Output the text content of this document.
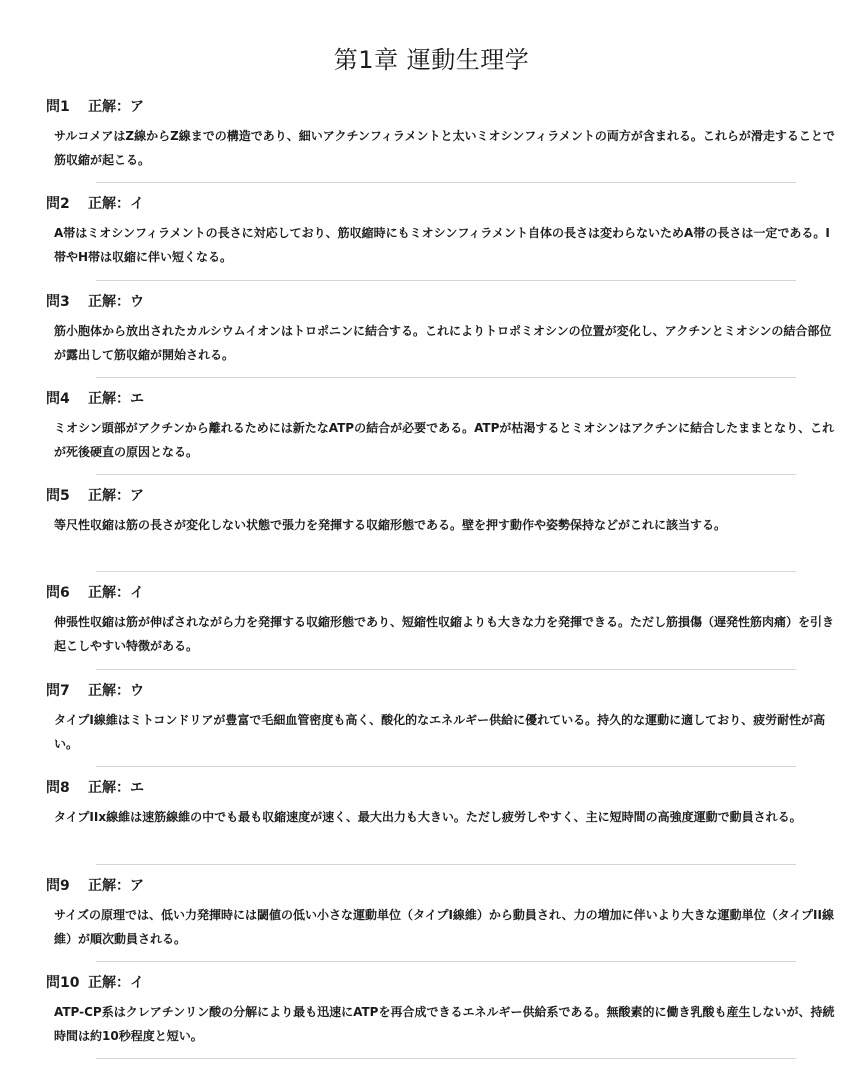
第1章 運動生理学

問1 正解：ア

サルコメアはZ線からZ線までの構造であり、細いアクチンフィラメントと太いミオシンフィラメントの両方が含まれる。これらが滑走することで筋収縮が起こる。

問2 正解：イ

A帯はミオシンフィラメントの長さに対応しており、筋収縮時にもミオシンフィラメント自体の長さは変わらないためA帯の長さは一定である。I帯やH帯は収縮に伴い短くなる。

問3 正解：ウ

筋小胞体から放出されたカルシウムイオンはトロポニンに結合する。これによりトロポミオシンの位置が変化し、アクチンとミオシンの結合部位が露出して筋収縮が開始される。

問4 正解：エ

ミオシン頭部がアクチンから離れるためには新たなATPの結合が必要である。ATPが枯渇するとミオシンはアクチンに結合したままとなり、これが死後硬直の原因となる。

問5 正解：ア

等尺性収縮は筋の長さが変化しない状態で張力を発揮する収縮形態である。壁を押す動作や姿勢保持などがこれに該当する。

問6 正解：イ

伸張性収縮は筋が伸ばされながら力を発揮する収縮形態であり、短縮性収縮よりも大きな力を発揮できる。ただし筋損傷（遅発性筋肉痛）を引き起こしやすい特徴がある。

問7 正解：ウ

タイプI線維はミトコンドリアが豊富で毛細血管密度も高く、酸化的なエネルギー供給に優れている。持久的な運動に適しており、疲労耐性が高い。

問8 正解：エ

タイプIIx線維は速筋線維の中でも最も収縮速度が速く、最大出力も大きい。ただし疲労しやすく、主に短時間の高強度運動で動員される。

問9 正解：ア

サイズの原理では、低い力発揮時には閾値の低い小さな運動単位（タイプI線維）から動員され、力の増加に伴いより大きな運動単位（タイプII線維）が順次動員される。

問10 正解：イ

ATP-CP系はクレアチンリン酸の分解により最も迅速にATPを再合成できるエネルギー供給系である。無酸素的に働き乳酸も産生しないが、持続時間は約10秒程度と短い。
